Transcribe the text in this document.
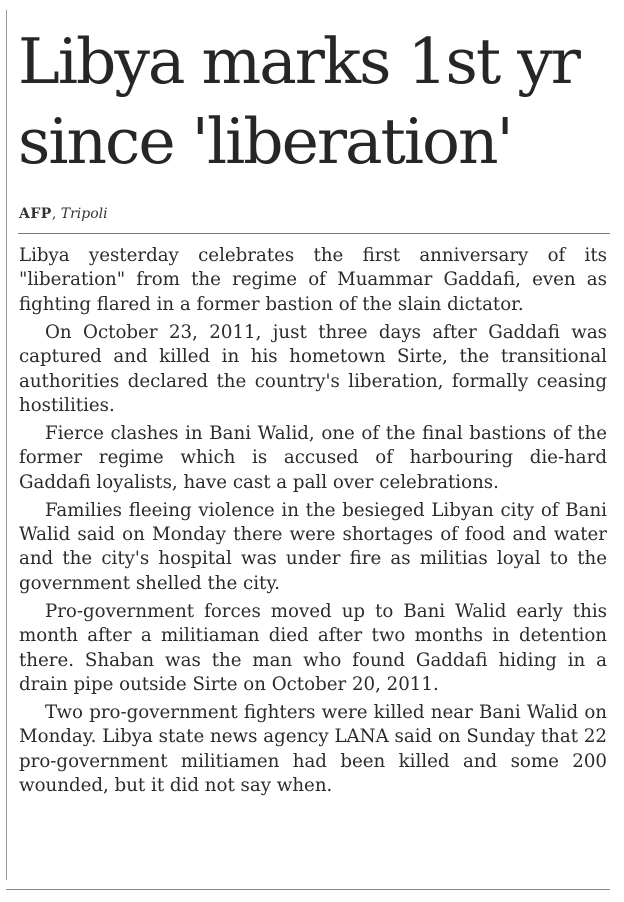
Libya marks 1st yr
since 'liberation'
AFP, Tripoli

Libya yesterday celebrates the first anniversary of its "liberation" from the regime of Muammar Gaddafi, even as fighting flared in a former bastion of the slain dictator.

On October 23, 2011, just three days after Gaddafi was captured and killed in his hometown Sirte, the transitional authorities declared the country's liberation, formally ceasing hostilities.

Fierce clashes in Bani Walid, one of the final bastions of the former regime which is accused of harbouring die-hard Gaddafi loyalists, have cast a pall over celebrations.

Families fleeing violence in the besieged Libyan city of Bani Walid said on Monday there were shortages of food and water and the city's hospital was under fire as militias loyal to the government shelled the city.

Pro-government forces moved up to Bani Walid early this month after a militiaman died after two months in detention there. Shaban was the man who found Gaddafi hiding in a drain pipe outside Sirte on October 20, 2011.

Two pro-government fighters were killed near Bani Walid on Monday. Libya state news agency LANA said on Sunday that 22 pro-government militiamen had been killed and some 200 wounded, but it did not say when.
